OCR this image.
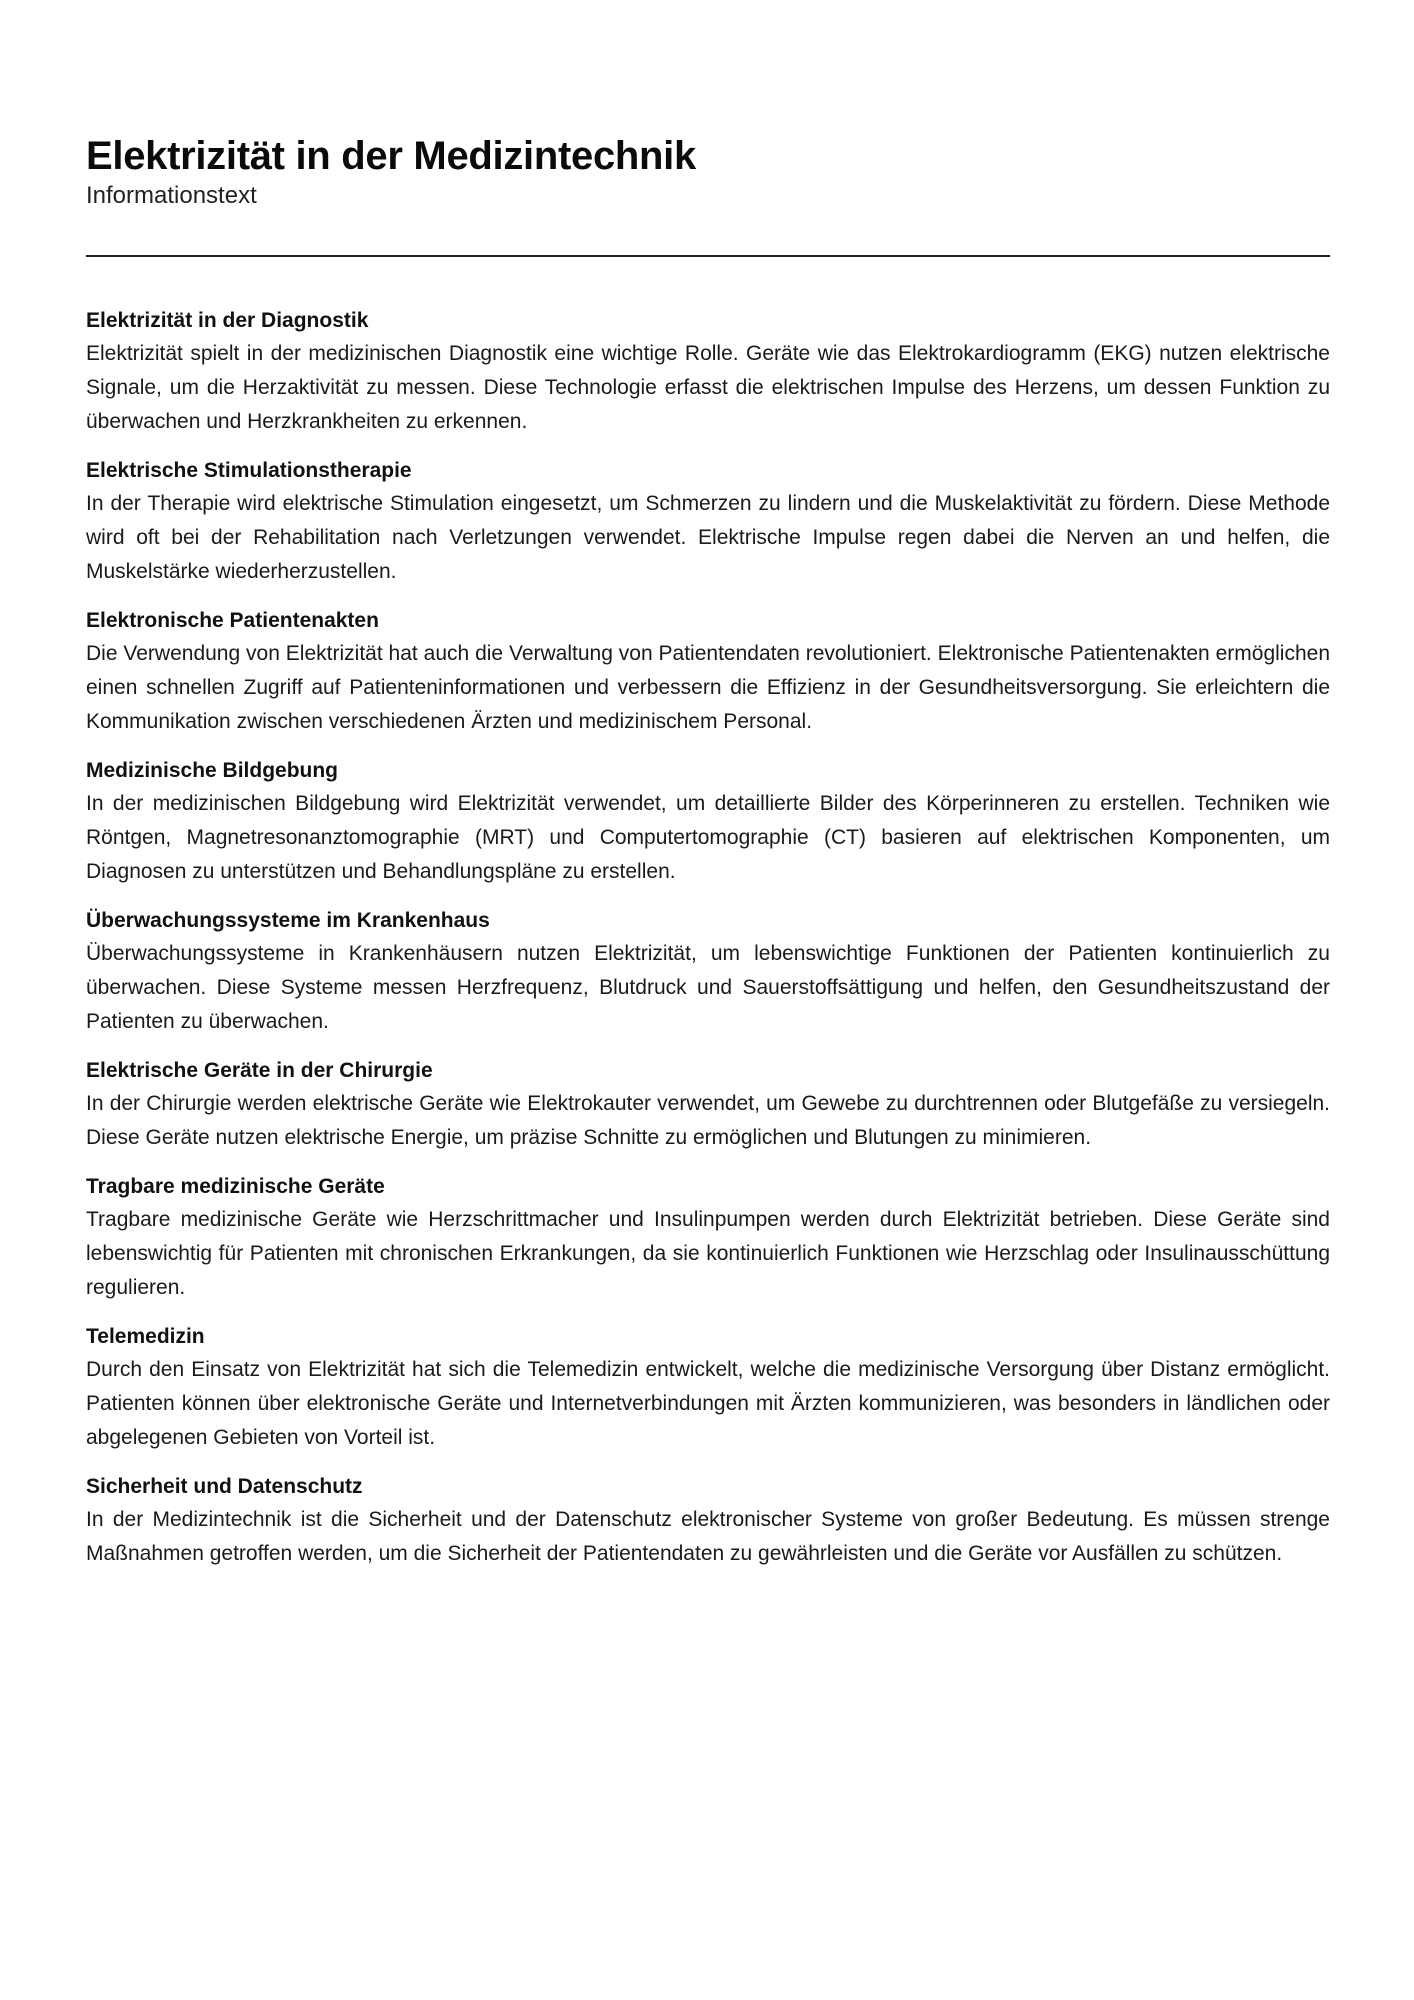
Elektrizität in der Medizintechnik
Informationstext
Elektrizität in der Diagnostik

Elektrizität spielt in der medizinischen Diagnostik eine wichtige Rolle. Geräte wie das Elektrokardiogramm (EKG) nutzen elektrische Signale, um die Herzaktivität zu messen. Diese Technologie erfasst die elektrischen Impulse des Herzens, um dessen Funktion zu überwachen und Herzkrankheiten zu erkennen.

Elektrische Stimulationstherapie

In der Therapie wird elektrische Stimulation eingesetzt, um Schmerzen zu lindern und die Muskelaktivität zu fördern. Diese Methode wird oft bei der Rehabilitation nach Verletzungen verwendet. Elektrische Impulse regen dabei die Nerven an und helfen, die Muskelstärke wiederherzustellen.

Elektronische Patientenakten

Die Verwendung von Elektrizität hat auch die Verwaltung von Patientendaten revolutioniert. Elektronische Patientenakten ermöglichen einen schnellen Zugriff auf Patienteninformationen und verbessern die Effizienz in der Gesundheitsversorgung. Sie erleichtern die Kommunikation zwischen verschiedenen Ärzten und medizinischem Personal.

Medizinische Bildgebung

In der medizinischen Bildgebung wird Elektrizität verwendet, um detaillierte Bilder des Körperinneren zu erstellen. Techniken wie Röntgen, Magnetresonanztomographie (MRT) und Computertomographie (CT) basieren auf elektrischen Komponenten, um Diagnosen zu unterstützen und Behandlungspläne zu erstellen.

Überwachungssysteme im Krankenhaus

Überwachungssysteme in Krankenhäusern nutzen Elektrizität, um lebenswichtige Funktionen der Patienten kontinuierlich zu überwachen. Diese Systeme messen Herzfrequenz, Blutdruck und Sauerstoffsättigung und helfen, den Gesundheitszustand der Patienten zu überwachen.

Elektrische Geräte in der Chirurgie

In der Chirurgie werden elektrische Geräte wie Elektrokauter verwendet, um Gewebe zu durchtrennen oder Blutgefäße zu versiegeln. Diese Geräte nutzen elektrische Energie, um präzise Schnitte zu ermöglichen und Blutungen zu minimieren.

Tragbare medizinische Geräte

Tragbare medizinische Geräte wie Herzschrittmacher und Insulinpumpen werden durch Elektrizität betrieben. Diese Geräte sind lebenswichtig für Patienten mit chronischen Erkrankungen, da sie kontinuierlich Funktionen wie Herzschlag oder Insulinausschüttung regulieren.

Telemedizin

Durch den Einsatz von Elektrizität hat sich die Telemedizin entwickelt, welche die medizinische Versorgung über Distanz ermöglicht. Patienten können über elektronische Geräte und Internetverbindungen mit Ärzten kommunizieren, was besonders in ländlichen oder abgelegenen Gebieten von Vorteil ist.

Sicherheit und Datenschutz

In der Medizintechnik ist die Sicherheit und der Datenschutz elektronischer Systeme von großer Bedeutung. Es müssen strenge Maßnahmen getroffen werden, um die Sicherheit der Patientendaten zu gewährleisten und die Geräte vor Ausfällen zu schützen.
